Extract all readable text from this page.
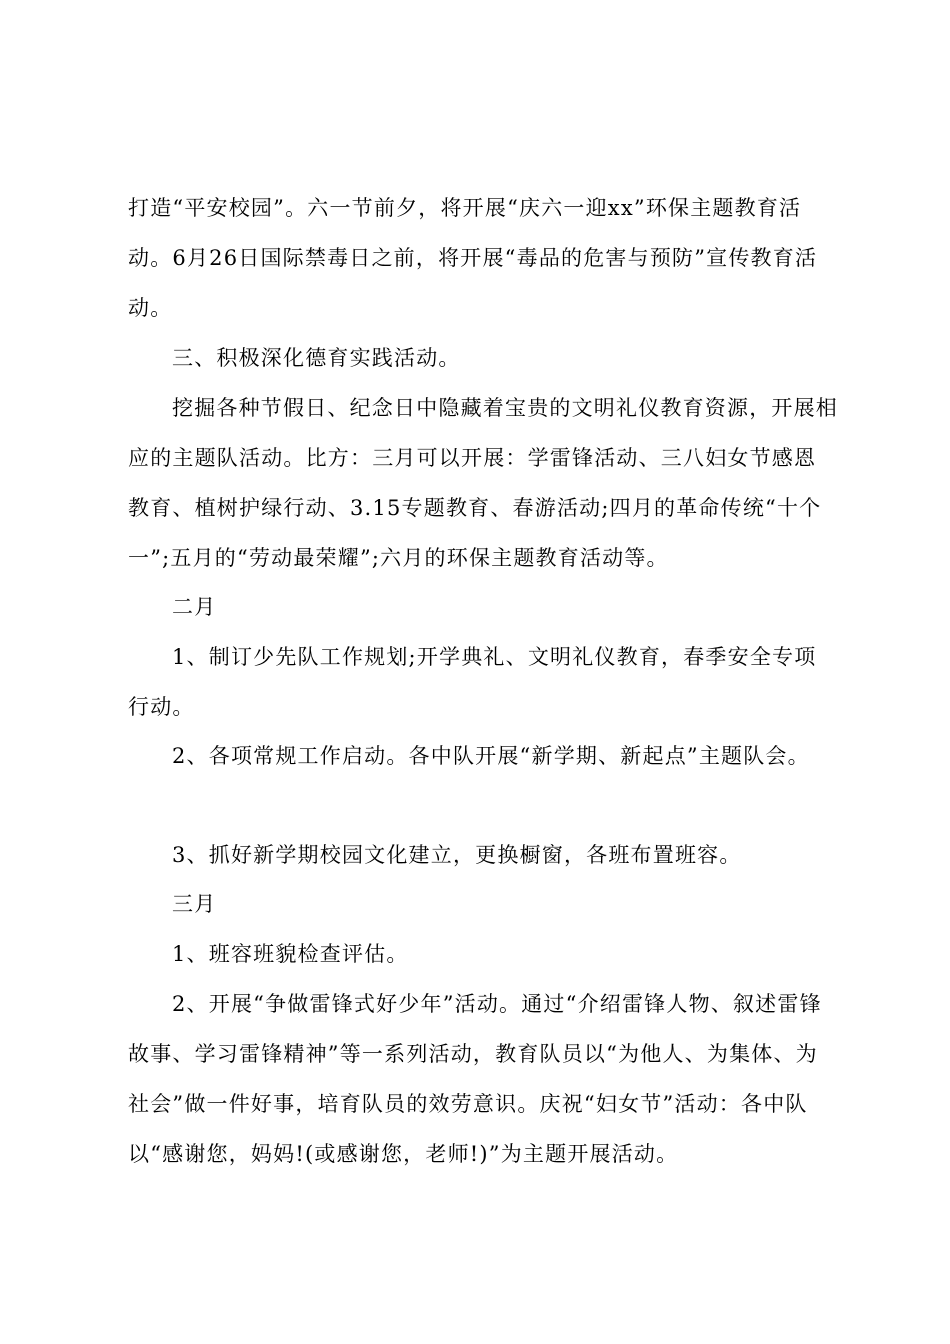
打造“平安校园”。六一节前夕，将开展“庆六一迎xx”环保主题教育活动。6月26日国际禁毒日之前，将开展“毒品的危害与预防”宣传教育活动。

三、积极深化德育实践活动。

挖掘各种节假日、纪念日中隐藏着宝贵的文明礼仪教育资源，开展相应的主题队活动。比方：三月可以开展：学雷锋活动、三八妇女节感恩教育、植树护绿行动、3.15专题教育、春游活动;四月的革命传统“十个一”;五月的“劳动最荣耀”;六月的环保主题教育活动等。

二月

1、制订少先队工作规划;开学典礼、文明礼仪教育，春季安全专项行动。

2、各项常规工作启动。各中队开展“新学期、新起点”主题队会。

3、抓好新学期校园文化建立，更换橱窗，各班布置班容。

三月

1、班容班貌检查评估。

2、开展“争做雷锋式好少年”活动。通过“介绍雷锋人物、叙述雷锋故事、学习雷锋精神”等一系列活动，教育队员以“为他人、为集体、为社会”做一件好事，培育队员的效劳意识。庆祝“妇女节”活动：各中队以“感谢您，妈妈!(或感谢您，老师!)”为主题开展活动。
